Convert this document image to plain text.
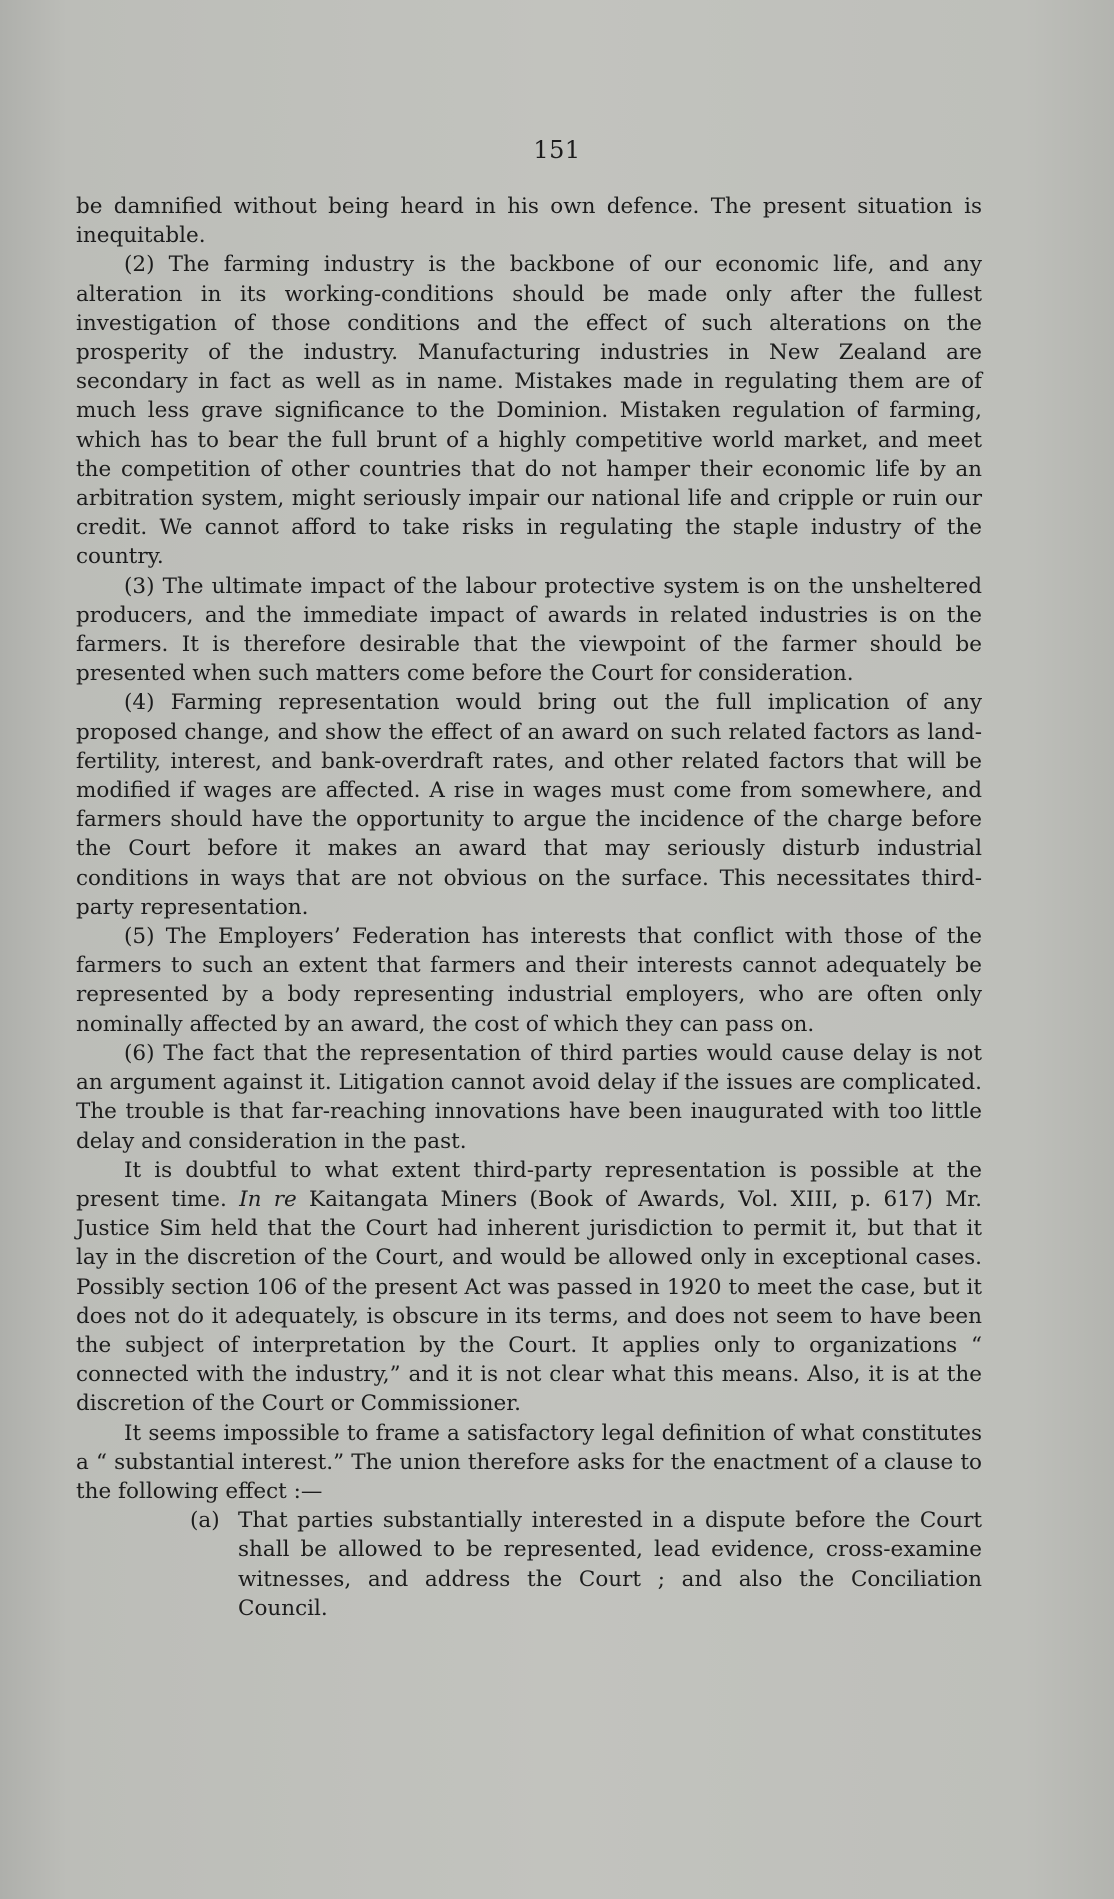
151

be damnified without being heard in his own defence. The present situation is inequitable.

(2) The farming industry is the backbone of our economic life, and any alteration in its working-conditions should be made only after the fullest investigation of those conditions and the effect of such alterations on the prosperity of the industry. Manufacturing industries in New Zealand are secondary in fact as well as in name. Mistakes made in regulating them are of much less grave significance to the Dominion. Mistaken regulation of farming, which has to bear the full brunt of a highly competitive world market, and meet the competition of other countries that do not hamper their economic life by an arbitration system, might seriously impair our national life and cripple or ruin our credit. We cannot afford to take risks in regulating the staple industry of the country.

(3) The ultimate impact of the labour protective system is on the unsheltered producers, and the immediate impact of awards in related industries is on the farmers. It is therefore desirable that the viewpoint of the farmer should be presented when such matters come before the Court for consideration.

(4) Farming representation would bring out the full implication of any proposed change, and show the effect of an award on such related factors as land-fertility, interest, and bank-overdraft rates, and other related factors that will be modified if wages are affected. A rise in wages must come from somewhere, and farmers should have the opportunity to argue the incidence of the charge before the Court before it makes an award that may seriously disturb industrial conditions in ways that are not obvious on the surface. This necessitates third-party representation.

(5) The Employers’ Federation has interests that conflict with those of the farmers to such an extent that farmers and their interests cannot adequately be represented by a body representing industrial employers, who are often only nominally affected by an award, the cost of which they can pass on.

(6) The fact that the representation of third parties would cause delay is not an argument against it. Litigation cannot avoid delay if the issues are complicated. The trouble is that far-reaching innovations have been inaugurated with too little delay and consideration in the past.

It is doubtful to what extent third-party representation is possible at the present time. In re Kaitangata Miners (Book of Awards, Vol. XIII, p. 617) Mr. Justice Sim held that the Court had inherent jurisdiction to permit it, but that it lay in the discretion of the Court, and would be allowed only in exceptional cases. Possibly section 106 of the present Act was passed in 1920 to meet the case, but it does not do it adequately, is obscure in its terms, and does not seem to have been the subject of interpretation by the Court. It applies only to organizations “ connected with the industry,” and it is not clear what this means. Also, it is at the discretion of the Court or Commissioner.

It seems impossible to frame a satisfactory legal definition of what constitutes a “ substantial interest.” The union therefore asks for the enactment of a clause to the following effect :—

(a) That parties substantially interested in a dispute before the Court shall be allowed to be represented, lead evidence, cross-examine witnesses, and address the Court ; and also the Conciliation Council.
